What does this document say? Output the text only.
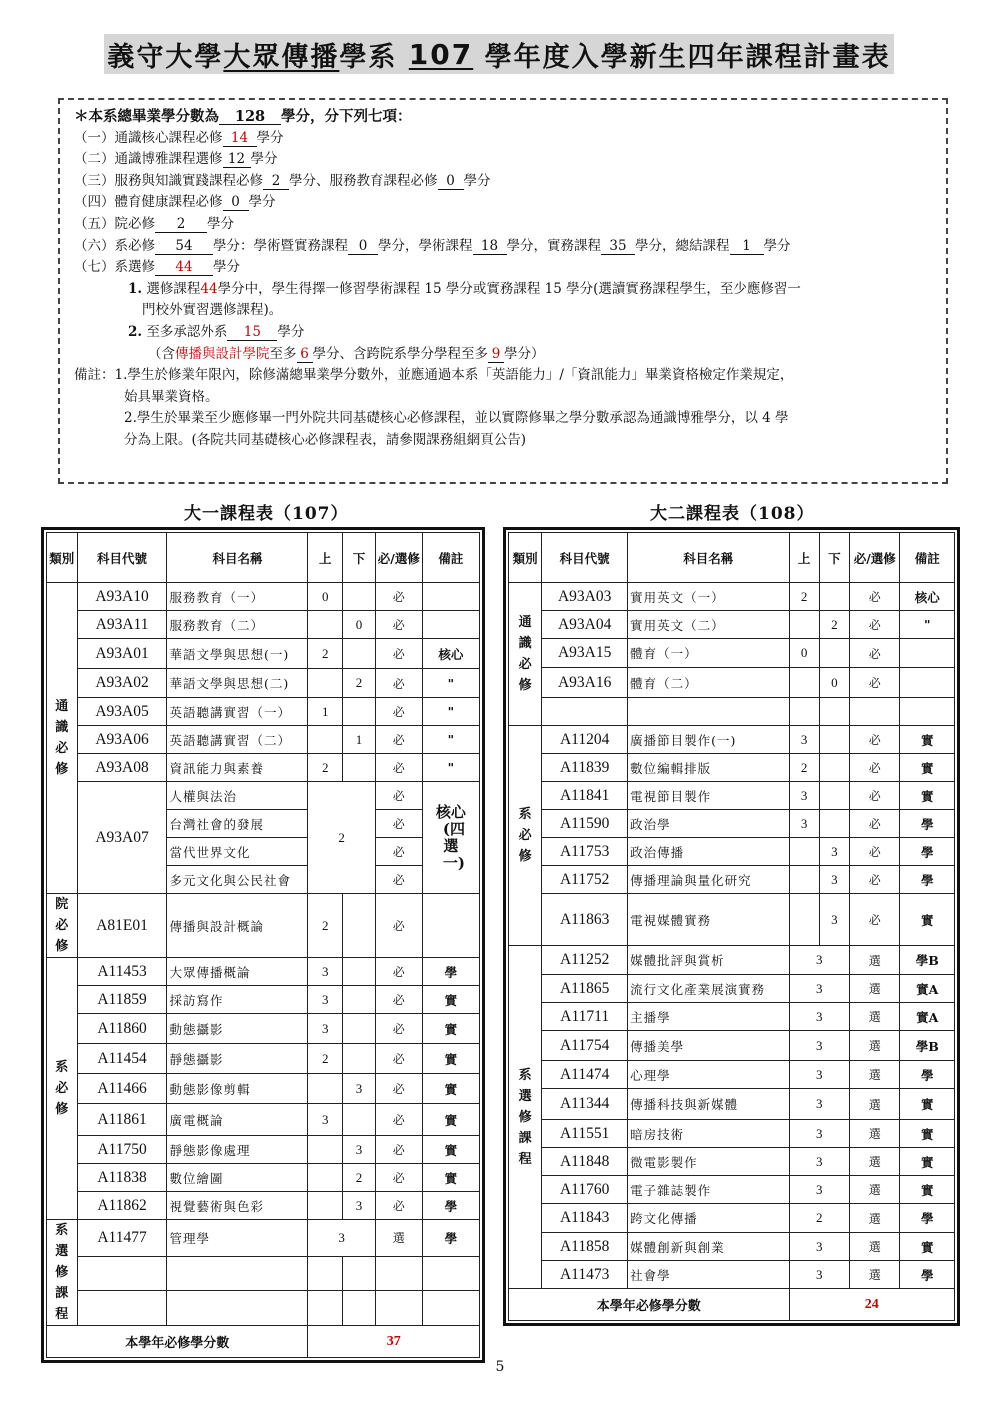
義守大學 大眾傳播 學系
107
學年度入學新生四年課程計畫表
＊本系總畢業學分數為 128 學分，分下列七項：
（一）通識核心課程必修 14 學分
（二）通識博雅課程選修 12 學分
（三）服務與知識實踐課程必修 2 學分、服務教育課程必修 0 學分
（四）體育健康課程必修 0 學分
（五）院必修 2 學分
（六）系必修 54 學分：學術暨實務課程 0 學分，學術課程 18 學分，實務課程 35 學分，總結課程 1 學分
（七）系選修 44 學分
1. 選修課程44學分中，學生得擇一修習學術課程 15 學分或實務課程 15 學分(選讀實務課程學生，至少應修習一
門校外實習選修課程)。
2. 至多承認外系 15 學分
（含傳播與設計學院至多 6 學分、含跨院系學分學程至多 9 學分）
備註：1.學生於修業年限內，除修滿總畢業學分數外，並應通過本系「英語能力」/「資訊能力」畢業資格檢定作業規定，
始具畢業資格。
2.學生於畢業至少應修畢一門外院共同基礎核心必修課程，並以實際修畢之學分數承認為通識博雅學分，以 4 學
分為上限。(各院共同基礎核心必修課程表，請參閱課務組網頁公告)
大一課程表（107）	大二課程表（108）
類別	科目代號	科目名稱	上	下	必/選修	備註

通識必修	A93A10	服務教育（一）	0		必	
	A93A11	服務教育（二）		0	必	
	A93A01	華語文學與思想(一)	2		必	核心
	A93A02	華語文學與思想(二)		2	必	"
	A93A05	英語聽講實習（一）	1		必	"
	A93A06	英語聽講實習（二）		1	必	"
	A93A08	資訊能力與素養	2		必	"
	A93A07	人權與法治	2		必	核心
(四選一)

		台灣社會的發展			必	
		當代世界文化			必	
		多元文化與公民社會			必	

院必修	A81E01	傳播與設計概論	2		必	

系必修	A11453	大眾傳播概論	3		必	學
	A11859	採訪寫作	3		必	實
	A11860	動態攝影	3		必	實
	A11454	靜態攝影	2		必	實
	A11466	動態影像剪輯		3	必	實
	A11861	廣電概論	3		必	實
	A11750	靜態影像處理		3	必	實
	A11838	數位繪圖		2	必	實
	A11862	視覺藝術與色彩		3	必	學

系選修課程	A11477	管理學	3		選	學

本學年必修學分數			37			
類別	科目代號	科目名稱	上	下	必/選修	備註

通識必修	A93A03	實用英文（一）	2		必	核心
	A93A04	實用英文（二）		2	必	"
	A93A15	體育（一）	0		必	
	A93A16	體育（二）		0	必	

系必修	A11204	廣播節目製作(一)	3		必	實
	A11839	數位編輯排版	2		必	實
	A11841	電視節目製作	3		必	實
	A11590	政治學	3		必	學
	A11753	政治傳播		3	必	學
	A11752	傳播理論與量化研究		3	必	學
	A11863	電視媒體實務		3	必	實

系選修課程	A11252	媒體批評與賞析	3		選	學B
	A11865	流行文化產業展演實務	3		選	實A
	A11711	主播學	3		選	實A
	A11754	傳播美學	3		選	學B
	A11474	心理學	3		選	學
	A11344	傳播科技與新媒體	3		選	實
	A11551	暗房技術	3		選	實
	A11848	微電影製作	3		選	實
	A11760	電子雜誌製作	3		選	實
	A11843	跨文化傳播	2		選	學
	A11858	媒體創新與創業	3		選	實
	A11473	社會學	3		選	學
本學年必修學分數			24			
5
